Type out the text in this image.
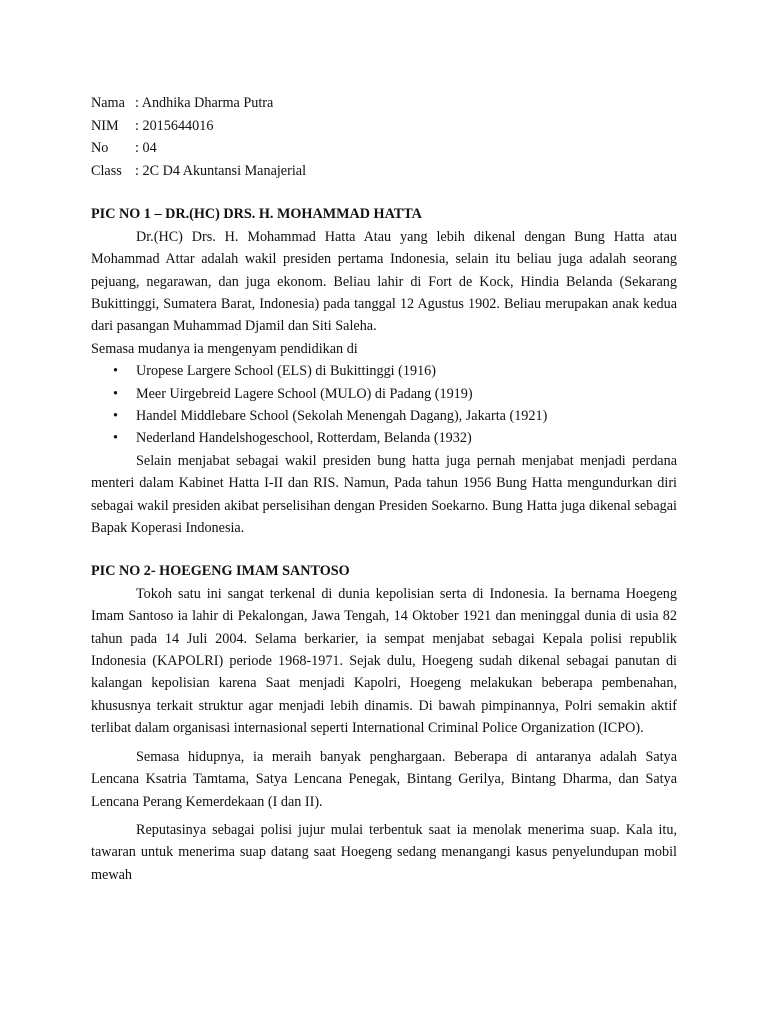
Nama : Andhika Dharma Putra
NIM	: 2015644016
No	: 04
Class : 2C D4 Akuntansi Manajerial
PIC NO 1 – DR.(HC) DRS. H. MOHAMMAD HATTA

Dr.(HC) Drs. H. Mohammad Hatta Atau yang lebih dikenal dengan Bung Hatta atau Mohammad Attar adalah wakil presiden pertama Indonesia, selain itu beliau juga adalah seorang pejuang, negarawan, dan juga ekonom. Beliau lahir di Fort de Kock, Hindia Belanda (Sekarang Bukittinggi, Sumatera Barat, Indonesia) pada tanggal 12 Agustus 1902. Beliau merupakan anak kedua dari pasangan Muhammad Djamil dan Siti Saleha.

Semasa mudanya ia mengenyam pendidikan di

• Uropese Largere School (ELS) di Bukittinggi (1916)
• Meer Uirgebreid Lagere School (MULO) di Padang (1919)
• Handel Middlebare School (Sekolah Menengah Dagang), Jakarta (1921)
• Nederland Handelshogeschool, Rotterdam, Belanda (1932)

Selain menjabat sebagai wakil presiden bung hatta juga pernah menjabat menjadi perdana menteri dalam Kabinet Hatta I-II dan RIS. Namun, Pada tahun 1956 Bung Hatta mengundurkan diri sebagai wakil presiden akibat perselisihan dengan Presiden Soekarno. Bung Hatta juga dikenal sebagai Bapak Koperasi Indonesia.

PIC NO 2- HOEGENG IMAM SANTOSO

Tokoh satu ini sangat terkenal di dunia kepolisian serta di Indonesia. Ia bernama Hoegeng Imam Santoso ia lahir di Pekalongan, Jawa Tengah, 14 Oktober 1921 dan meninggal dunia di usia 82 tahun pada 14 Juli 2004. Selama berkarier, ia sempat menjabat sebagai Kepala polisi republik Indonesia (KAPOLRI) periode 1968-1971. Sejak dulu, Hoegeng sudah dikenal sebagai panutan di kalangan kepolisian karena Saat menjadi Kapolri, Hoegeng melakukan beberapa pembenahan, khususnya terkait struktur agar menjadi lebih dinamis. Di bawah pimpinannya, Polri semakin aktif terlibat dalam organisasi internasional seperti International Criminal Police Organization (ICPO).

Semasa hidupnya, ia meraih banyak penghargaan. Beberapa di antaranya adalah Satya Lencana Ksatria Tamtama, Satya Lencana Penegak, Bintang Gerilya, Bintang Dharma, dan Satya Lencana Perang Kemerdekaan (I dan II).

Reputasinya sebagai polisi jujur mulai terbentuk saat ia menolak menerima suap. Kala itu, tawaran untuk menerima suap datang saat Hoegeng sedang menangangi kasus penyelundupan mobil mewah
